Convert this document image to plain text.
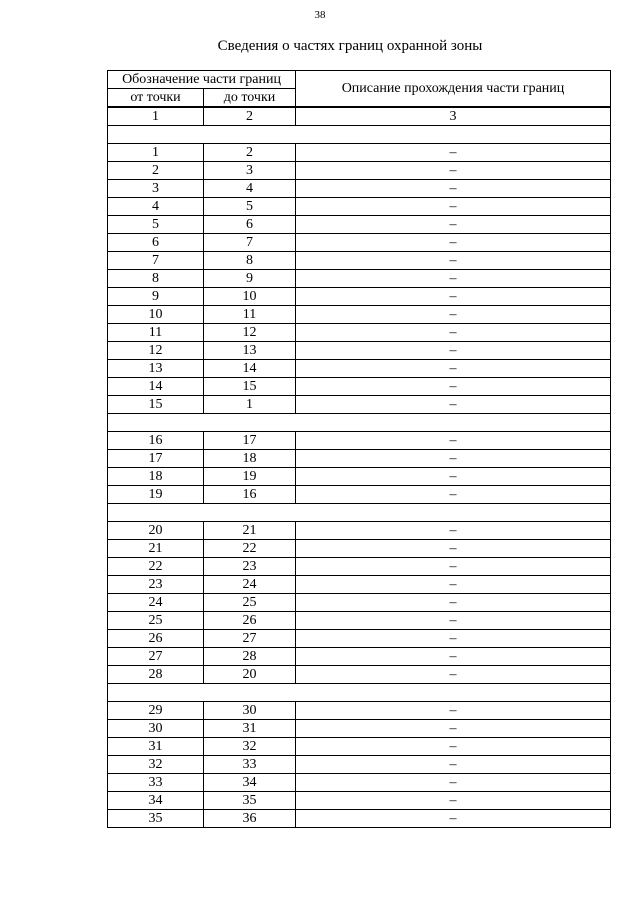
38
Сведения о частях границ охранной зоны
Обозначение части границ		Описание прохождения части границ
от точки	до точки	
1	2	3

1	2	–
2	3	–
3	4	–
4	5	–
5	6	–
6	7	–
7	8	–
8	9	–
9	10	–
10	11	–
11	12	–
12	13	–
13	14	–
14	15	–
15	1	–

16	17	–
17	18	–
18	19	–
19	16	–

20	21	–
21	22	–
22	23	–
23	24	–
24	25	–
25	26	–
26	27	–
27	28	–
28	20	–

29	30	–
30	31	–
31	32	–
32	33	–
33	34	–
34	35	–
35	36	–
